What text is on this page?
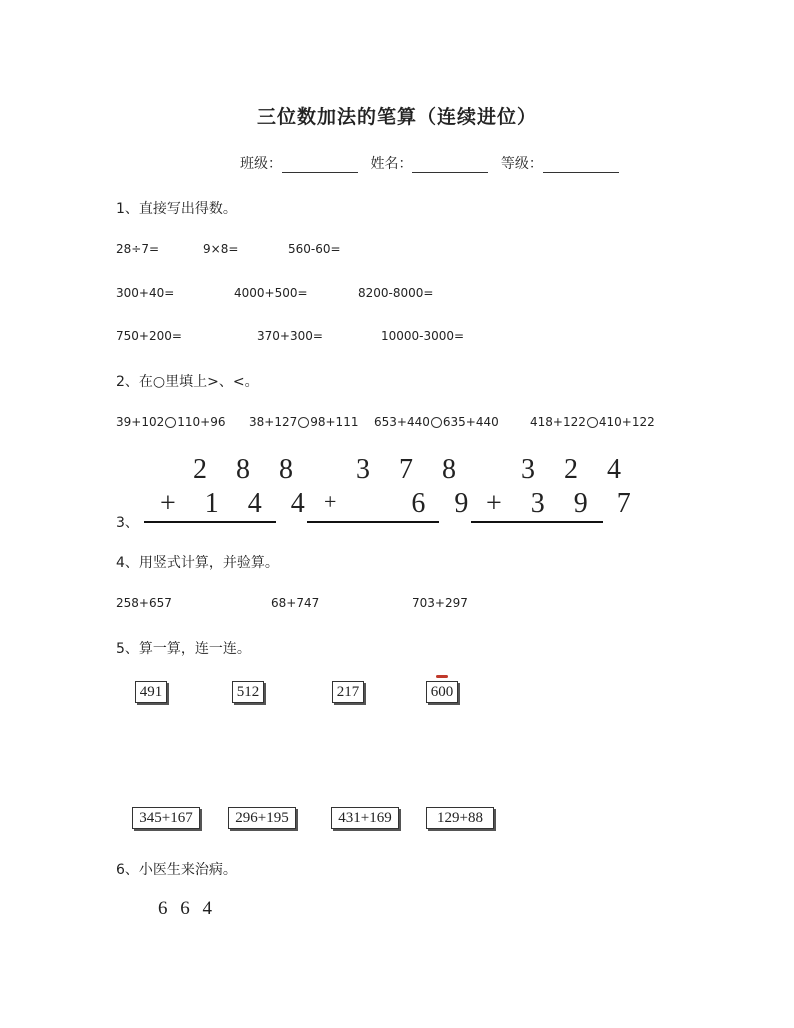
三位数加法的笔算（连续进位）
班级：	姓名：	等级：
1、直接写出得数。
28÷7=	9×8=	560-60=
300+40=	4000+500=	8200-8000=
750+200=	370+300=	10000-3000=
2、在○里填上>、<。
39+102 110+96 38+127 98+111 653+440 635+440	418+122 410+122
3、
2 8 8
+ 1 4 4
3 7 8
+ 6 9
3 2 4
+ 3 9 7
4、用竖式计算，并验算。
258+657	68+747	703+297
5、算一算，连一连。
491	512	217	600
345+167	296+195	431+169	129+88
6、小医生来治病。
6 6 4
